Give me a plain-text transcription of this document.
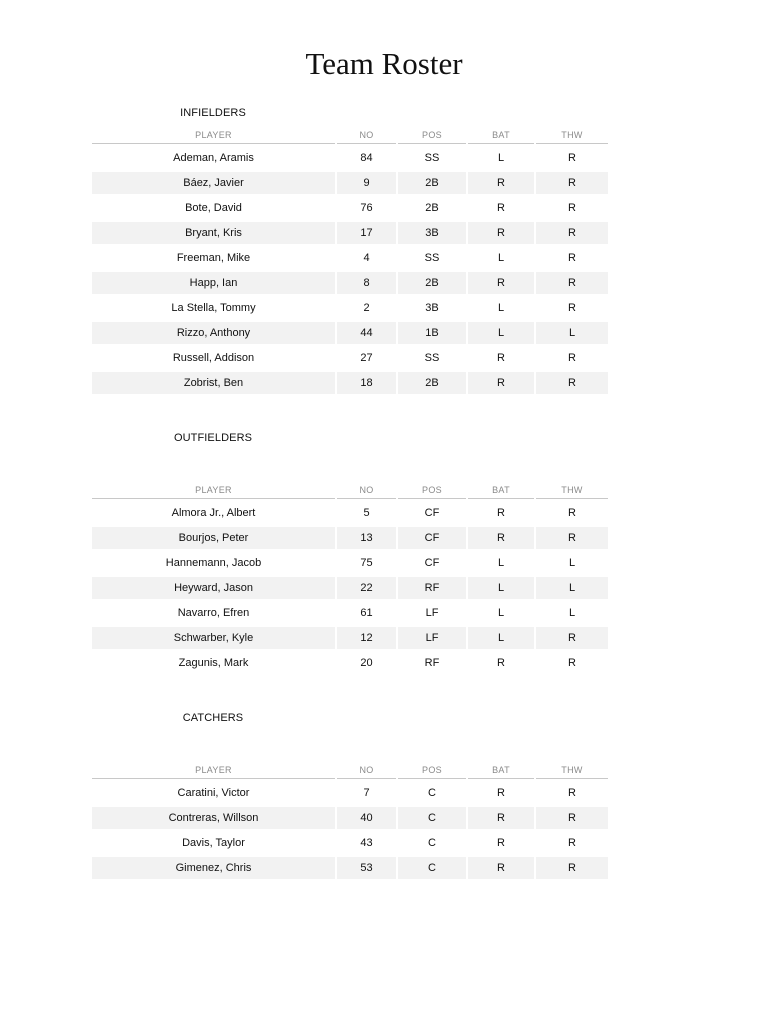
Team Roster
INFIELDERS
PLAYER	NO	POS	BAT	THW
Ademan, Aramis	84	SS	L	R
Báez, Javier	9	2B	R	R
Bote, David	76	2B	R	R
Bryant, Kris	17	3B	R	R
Freeman, Mike	4	SS	L	R
Happ, Ian	8	2B	R	R
La Stella, Tommy	2	3B	L	R
Rizzo, Anthony	44	1B	L	L
Russell, Addison	27	SS	R	R
Zobrist, Ben	18	2B	R	R
OUTFIELDERS
PLAYER	NO	POS	BAT	THW
Almora Jr., Albert	5	CF	R	R
Bourjos, Peter	13	CF	R	R
Hannemann, Jacob	75	CF	L	L
Heyward, Jason	22	RF	L	L
Navarro, Efren	61	LF	L	L
Schwarber, Kyle	12	LF	L	R
Zagunis, Mark	20	RF	R	R
CATCHERS
PLAYER	NO	POS	BAT	THW
Caratini, Victor	7	C	R	R
Contreras, Willson	40	C	R	R
Davis, Taylor	43	C	R	R
Gimenez, Chris	53	C	R	R
